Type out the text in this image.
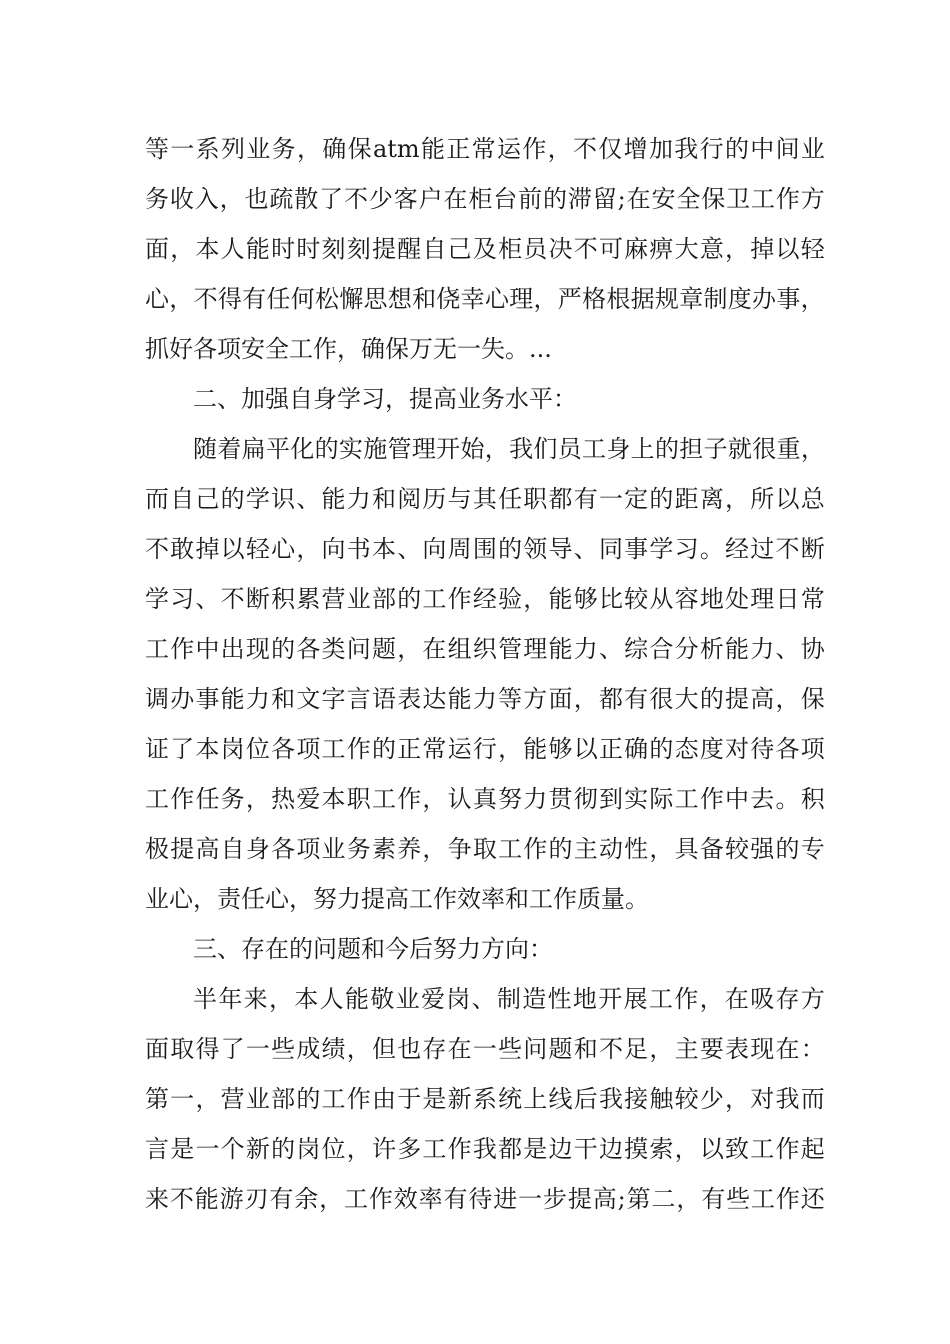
等 一 系 列 业 务 ， 确 保 atm 能 正 常 运 作 ， 不 仅 增 加 我 行 的 中 间 业
务 收 入 ， 也 疏 散 了 不 少 客 户 在 柜 台 前 的 滞 留 ; 在 安 全 保 卫 工 作 方
面 ， 本 人 能 时 时 刻 刻 提 醒 自 己 及 柜 员 决 不 可 麻 痹 大 意 ， 掉 以 轻
心 ， 不 得 有 任 何 松 懈 思 想 和 侥 幸 心 理 ， 严 格 根 据 规 章 制 度 办 事 ，
抓好各项安全工作，确保万无一失。...
二、加强自身学习，提高业务水平：
随 着 扁 平 化 的 实 施 管 理 开 始 ， 我 们 员 工 身 上 的 担 子 就 很 重 ，
而 自 己 的 学 识 、 能 力 和 阅 历 与 其 任 职 都 有 一 定 的 距 离 ， 所 以 总
不 敢 掉 以 轻 心 ， 向 书 本 、 向 周 围 的 领 导 、 同 事 学 习 。 经 过 不 断
学 习 、 不 断 积 累 营 业 部 的 工 作 经 验 ， 能 够 比 较 从 容 地 处 理 日 常
工 作 中 出 现 的 各 类 问 题 ， 在 组 织 管 理 能 力 、 综 合 分 析 能 力 、 协
调 办 事 能 力 和 文 字 言 语 表 达 能 力 等 方 面 ， 都 有 很 大 的 提 高 ， 保
证 了 本 岗 位 各 项 工 作 的 正 常 运 行 ， 能 够 以 正 确 的 态 度 对 待 各 项
工 作 任 务 ， 热 爱 本 职 工 作 ， 认 真 努 力 贯 彻 到 实 际 工 作 中 去 。 积
极 提 高 自 身 各 项 业 务 素 养 ， 争 取 工 作 的 主 动 性 ， 具 备 较 强 的 专
业心，责任心，努力提高工作效率和工作质量。
三、存在的问题和今后努力方向：
半 年 来 ， 本 人 能 敬 业 爱 岗 、 制 造 性 地 开 展 工 作 ， 在 吸 存 方
面 取 得 了 一 些 成 绩 ， 但 也 存 在 一 些 问 题 和 不 足 ， 主 要 表 现 在 ：
第 一 ， 营 业 部 的 工 作 由 于 是 新 系 统 上 线 后 我 接 触 较 少 ， 对 我 而
言 是 一 个 新 的 岗 位 ， 许 多 工 作 我 都 是 边 干 边 摸 索 ， 以 致 工 作 起
来 不 能 游 刃 有 余 ， 工 作 效 率 有 待 进 一 步 提 高 ; 第 二 ， 有 些 工 作 还
